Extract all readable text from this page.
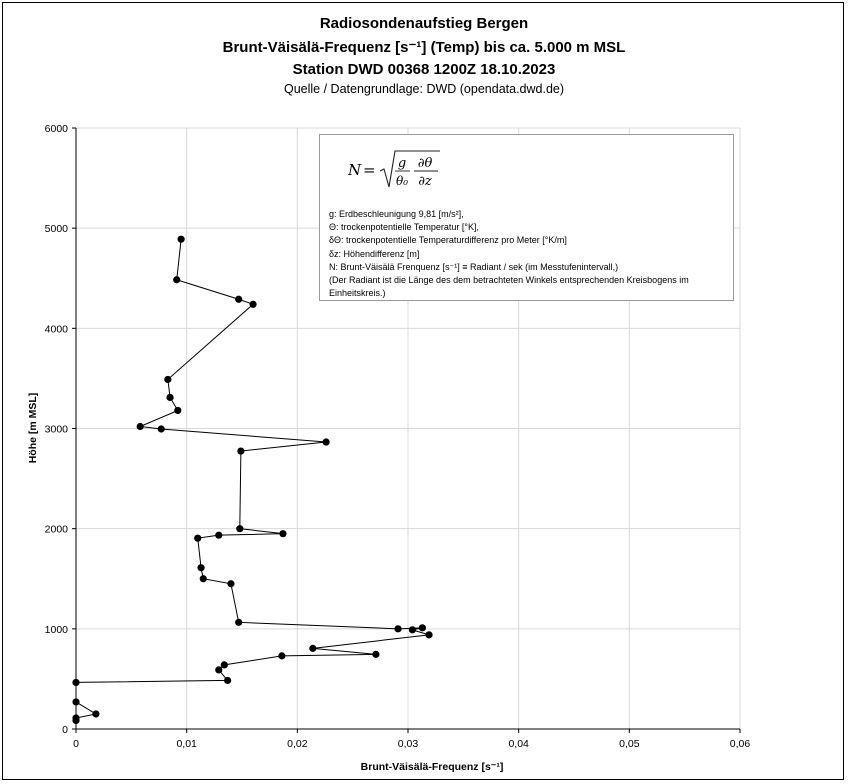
Radiosondenaufstieg Bergen
Brunt-Väisälä-Frequenz [s⁻¹] (Temp) bis ca. 5.000 m MSL
Station DWD 00368 1200Z 18.10.2023
Quelle / Datengrundlage: DWD (opendata.dwd.de)
0	0,01	0,02	0,03	0,04	0,05	0,06
0
1000
2000
3000
4000
5000
6000
Brunt-Väisälä-Frequenz [s⁻¹]
Höhe [m MSL]
N = g
θ₀
∂θ
∂z
g: Erdbeschleunigung 9,81 [m/s²],
Θ: trockenpotentielle Temperatur [°K],
δΘ: trockenpotentielle Temperaturdifferenz pro Meter [°K/m]
δz: Höhendifferenz [m]
N: Brunt-Väisälä Frenquenz [s⁻¹] ≡ Radiant / sek (im Messtufenintervall,)
(Der Radiant ist die Länge des dem betrachteten Winkels entsprechenden Kreisbogens im Einheitskreis.)
